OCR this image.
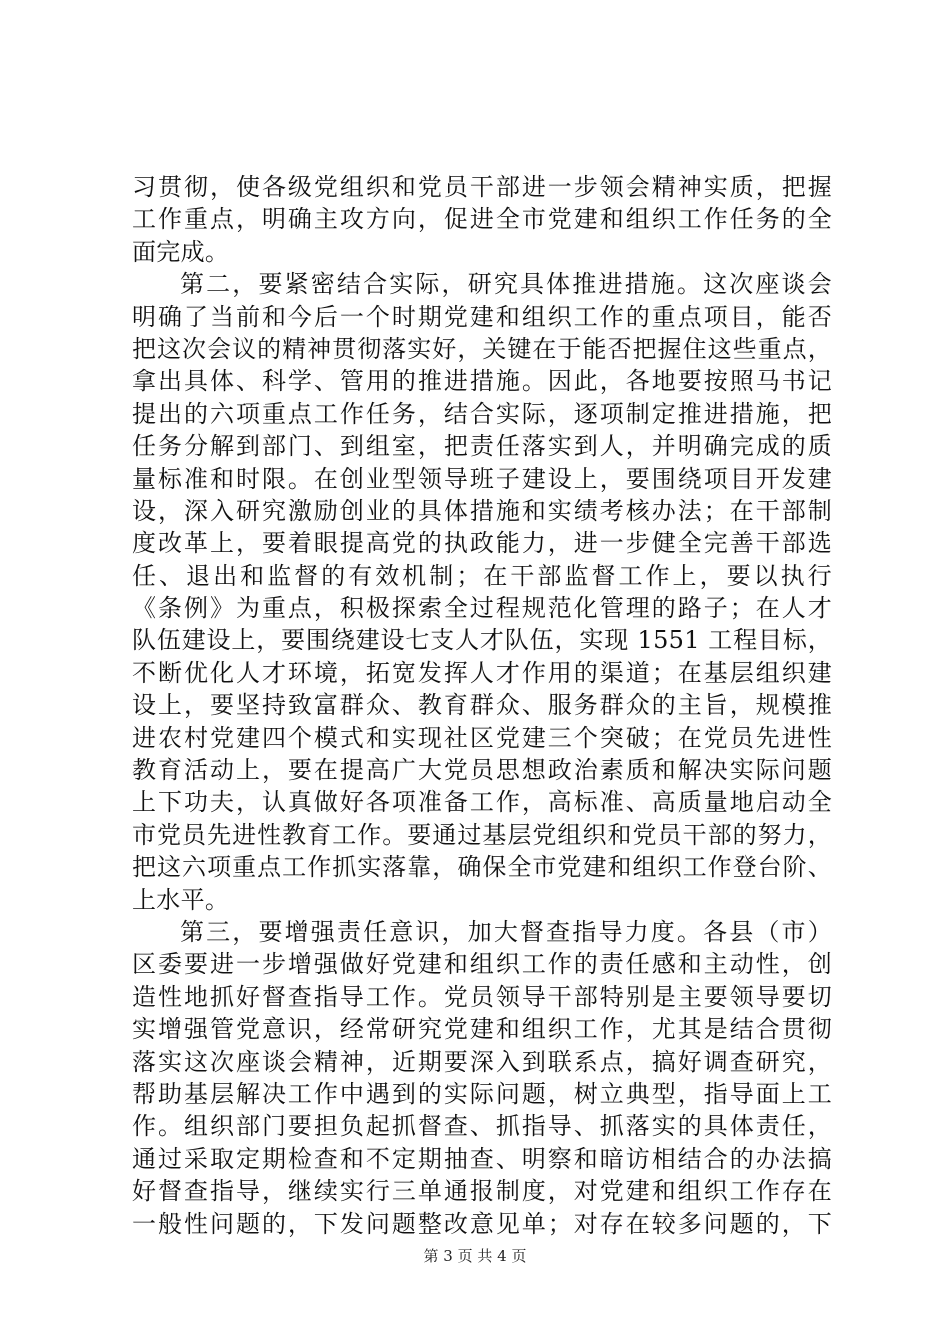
习贯彻，使各级党组织和党员干部进一步领会精神实质，把握
工作重点，明确主攻方向，促进全市党建和组织工作任务的全
面完成。
第二，要紧密结合实际，研究具体推进措施。这次座谈会
明确了当前和今后一个时期党建和组织工作的重点项目，能否
把这次会议的精神贯彻落实好，关键在于能否把握住这些重点，
拿出具体、科学、管用的推进措施。因此，各地要按照马书记
提出的六项重点工作任务，结合实际，逐项制定推进措施，把
任务分解到部门、到组室，把责任落实到人，并明确完成的质
量标准和时限。在创业型领导班子建设上，要围绕项目开发建
设，深入研究激励创业的具体措施和实绩考核办法；在干部制
度改革上，要着眼提高党的执政能力，进一步健全完善干部选
任、退出和监督的有效机制；在干部监督工作上，要以执行
《条例》为重点，积极探索全过程规范化管理的路子；在人才
队伍建设上，要围绕建设七支人才队伍，实现 1551 工程目标，
不断优化人才环境，拓宽发挥人才作用的渠道；在基层组织建
设上，要坚持致富群众、教育群众、服务群众的主旨，规模推
进农村党建四个模式和实现社区党建三个突破；在党员先进性
教育活动上，要在提高广大党员思想政治素质和解决实际问题
上下功夫，认真做好各项准备工作，高标准、高质量地启动全
市党员先进性教育工作。要通过基层党组织和党员干部的努力，
把这六项重点工作抓实落靠，确保全市党建和组织工作登台阶、
上水平。
第三，要增强责任意识，加大督查指导力度。各县（市）
区委要进一步增强做好党建和组织工作的责任感和主动性，创
造性地抓好督查指导工作。党员领导干部特别是主要领导要切
实增强管党意识，经常研究党建和组织工作，尤其是结合贯彻
落实这次座谈会精神，近期要深入到联系点，搞好调查研究，
帮助基层解决工作中遇到的实际问题，树立典型，指导面上工
作。组织部门要担负起抓督查、抓指导、抓落实的具体责任，
通过采取定期检查和不定期抽查、明察和暗访相结合的办法搞
好督查指导，继续实行三单通报制度，对党建和组织工作存在
一般性问题的，下发问题整改意见单；对存在较多问题的，下
第 3 页 共 4 页
